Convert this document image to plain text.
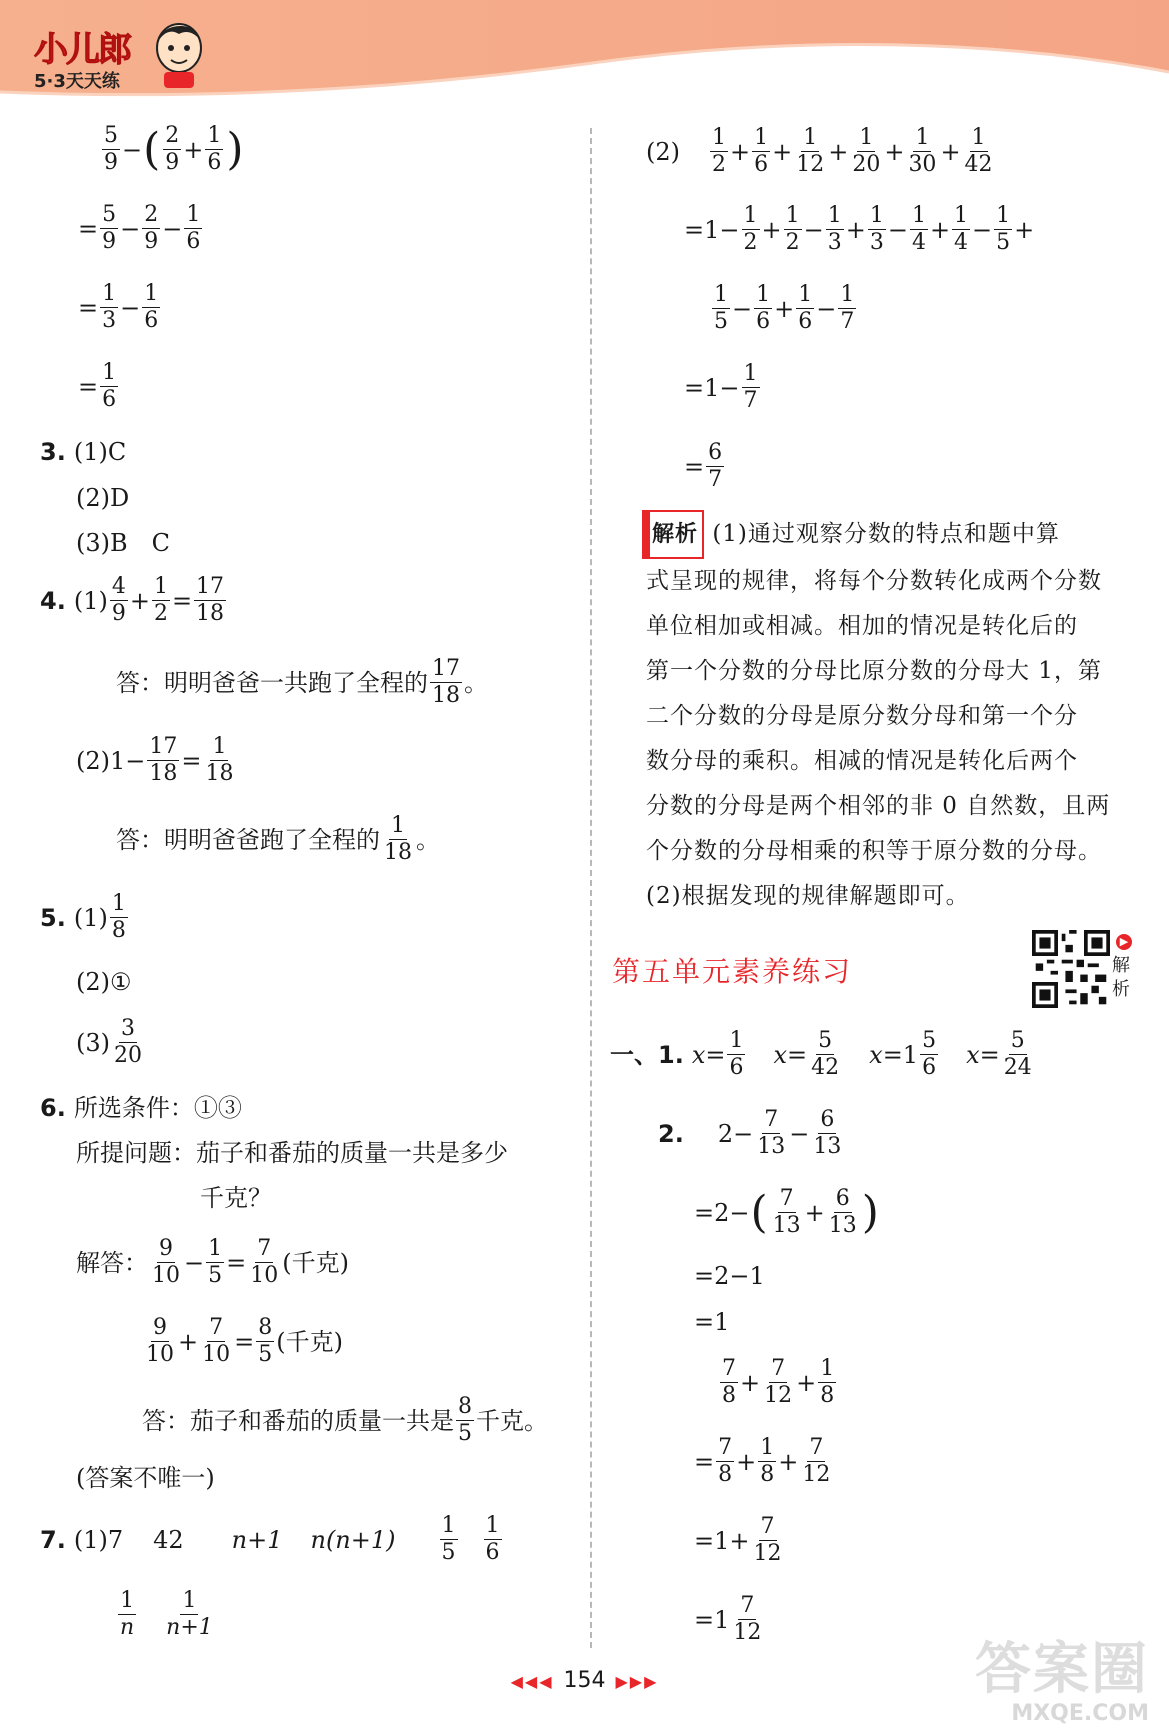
小儿郎
5·3天天练
5
9 − ( 2
$9 + \frac{1}{6}$ )
= $\frac{5}{9} - \frac{2}{9} - \frac{1}{6}$
= $\frac{1}{3} - \frac{1}{6}$
= $\frac{1}{6}$
3. (1)C
(2)D
(3)B　C
4. (1) 4
$9 + \frac{1}{2} = \frac{17}{18}$
答：明明爸爸一共跑了全程的 17
18 。
$(2)1- \frac{17}{18} = \frac{1}{18}$
答：明明爸爸跑了全程的 1
18 。
5. (1) 1
8
(2)①
(3) 3
20
6. 所选条件：①③
所提问题：茄子和番茄的质量一共是多少
千克？
解答： 9
$10 - \frac{1}{5} = \frac{7}{10}$ (千克)
9
$10 + \frac{7}{10} = \frac{8}{5}$ (千克)
答：茄子和番茄的质量一共是 8
5 千克。
(答案不唯一)
7. (1)7 42 n+1 n(n+1) 1
5
1
6
1
n
1
n+1
(2) 1
$2 + \frac{1}{6} + \frac{1}{12} + \frac{1}{20} + \frac{1}{30} + \frac{1}{42}$
= $1 - \frac{1}{2} + \frac{1}{2} - \frac{1}{3} + \frac{1}{3} - \frac{1}{4} + \frac{1}{4} - \frac{1}{5}$ +
1
$5 - \frac{1}{6} + \frac{1}{6} - \frac{1}{7}$
= $1 - \frac{1}{7}$
= $\frac{6}{7}$
解析 (1)通过观察分数的特点和题中算
式呈现的规律，将每个分数转化成两个分数
单位相加或相减。相加的情况是转化后的
第一个分数的分母比原分数的分母大 1，第
二个分数的分母是原分数分母和第一个分
数分母的乘积。相减的情况是转化后两个
分数的分母是两个相邻的非 0 自然数，且两
个分数的分母相乘的积等于原分数的分母。
(2)根据发现的规律解题即可。
第五单元素养练习
▶
解析
一、1. $x = \frac{1}{6}$ $x = \frac{5}{42}$ x = 1 5
6 $x = \frac{5}{24}$
2. $2 - \frac{7}{13} - \frac{6}{13}$
= 2 − ( 7
$13 + \frac{6}{13}$ )
=2−1
=1
7
$8 + \frac{7}{12} + \frac{1}{8}$
= $\frac{7}{8} + \frac{1}{8} + \frac{7}{12}$
= $1 + \frac{7}{12}$
= 1 7
12
◀◀◀ 154 ▶▶▶	答案圈
MXQE.COM
